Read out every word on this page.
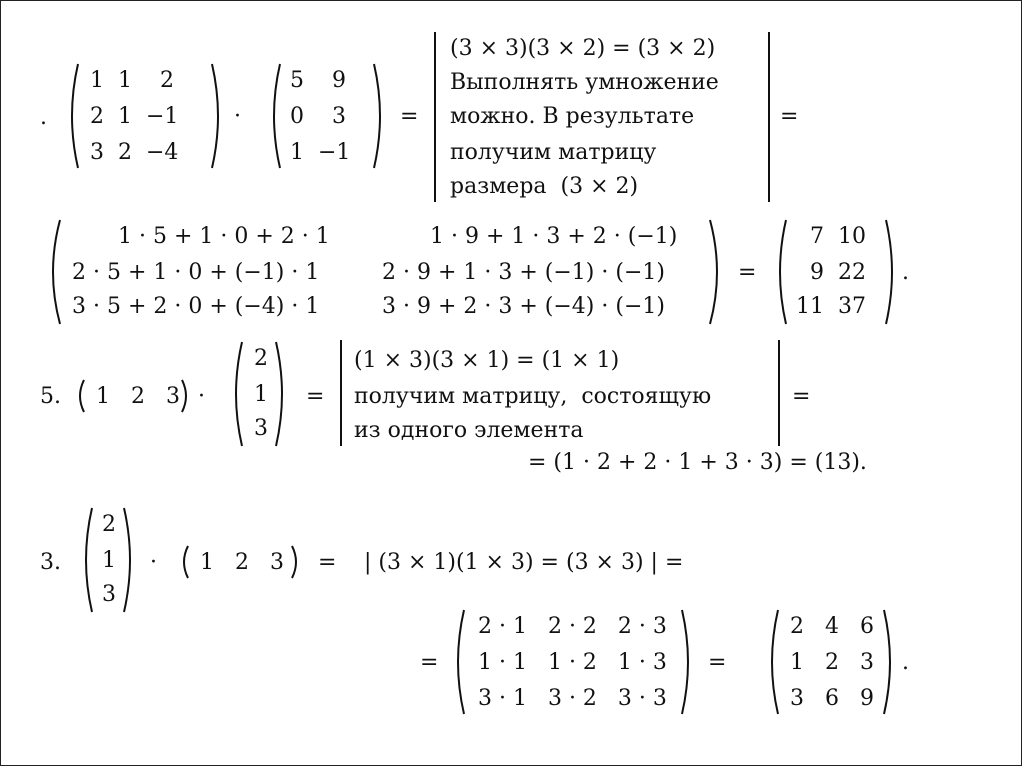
.
1  1    2
2  1  −1
3  2  −4
·
5    9
0    3
1  −1
=
(3 × 3)(3 × 2) = (3 × 2)
Выполнять умножение
можно. В результате
получим матрицу
размера  (3 × 2)
=
1 · 5 + 1 · 0 + 2 · 1
2 · 5 + 1 · 0 + (−1) · 1
3 · 5 + 2 · 0 + (−4) · 1
1 · 9 + 1 · 3 + 2 · (−1)
2 · 9 + 1 · 3 + (−1) · (−1)
3 · 9 + 2 · 3 + (−4) · (−1)
=
7  10
9  22
11  37
.
5. 1   2   3 ·
2
1
3
=
(1 × 3)(3 × 1) = (1 × 1)
получим матрицу,  состоящую
из одного элемента
=
= (1 · 2 + 2 · 1 + 3 · 3) = (13).
3.
2
1
3
· 1   2   3 = | (3 × 1)(1 × 3) = (3 × 3) | =
=
2 · 1   2 · 2   2 · 3
1 · 1   1 · 2   1 · 3
3 · 1   3 · 2   3 · 3
=
2   4   6
1   2   3
3   6   9
.
